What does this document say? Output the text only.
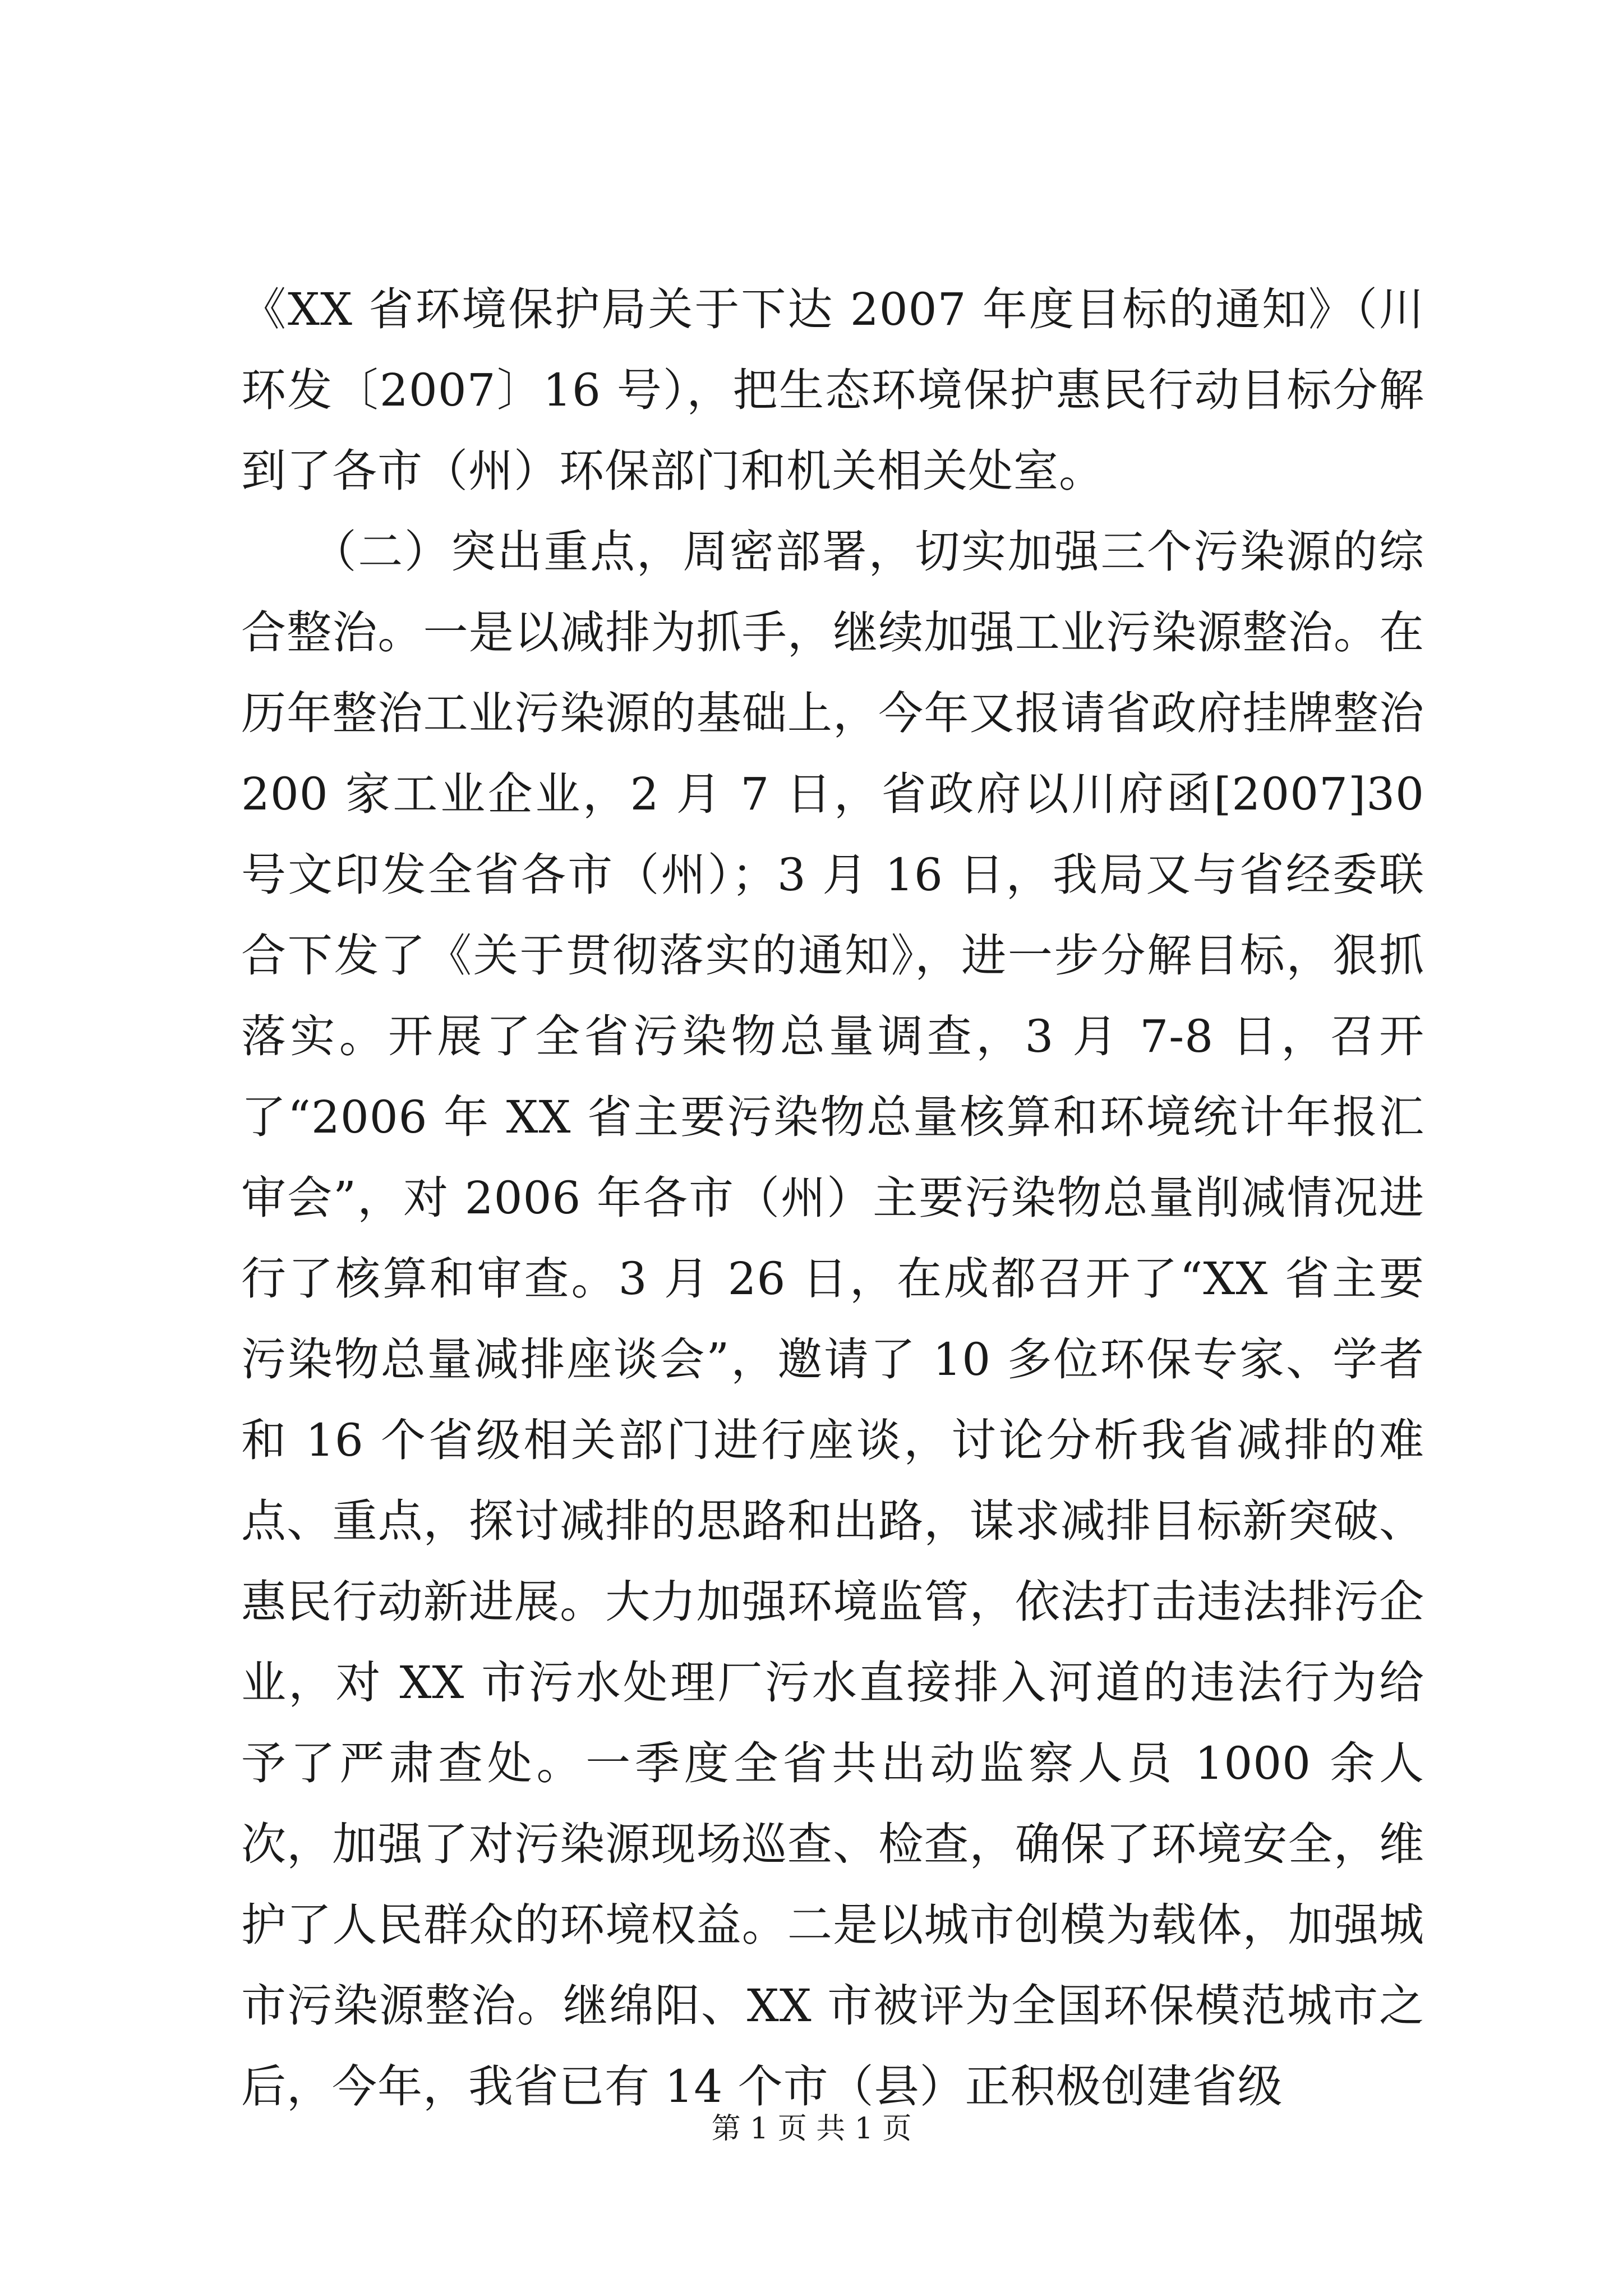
《XX 省环境保护局关于下达 2007 年度目标的通知》（川环发〔2007〕16 号），把生态环境保护惠民行动目标分解到了各市（州）环保部门和机关相关处室。

　　（二）突出重点，周密部署，切实加强三个污染源的综合整治。一是以减排为抓手，继续加强工业污染源整治。在历年整治工业污染源的基础上，今年又报请省政府挂牌整治 200 家工业企业，2 月 7 日，省政府以川府函[2007]30 号文印发全省各市（州）；3 月 16 日，我局又与省经委联合下发了《关于贯彻落实的通知》，进一步分解目标，狠抓落实。开展了全省污染物总量调查，3 月 7-8 日，召开了“2006 年 XX 省主要污染物总量核算和环境统计年报汇审会”，对 2006 年各市（州）主要污染物总量削减情况进行了核算和审查。3 月 26 日，在成都召开了“XX 省主要污染物总量减排座谈会”，邀请了 10 多位环保专家、学者和 16 个省级相关部门进行座谈，讨论分析我省减排的难点、重点，探讨减排的思路和出路，谋求减排目标新突破、惠民行动新进展。大力加强环境监管，依法打击违法排污企业，对 XX 市污水处理厂污水直接排入河道的违法行为给予了严肃查处。一季度全省共出动监察人员 1000 余人次，加强了对污染源现场巡查、检查，确保了环境安全，维护了人民群众的环境权益。二是以城市创模为载体，加强城市污染源整治。继绵阳、XX 市被评为全国环保模范城市之后，今年，我省已有 14 个市（县）正积极创建省级

第 1 页 共 1 页
